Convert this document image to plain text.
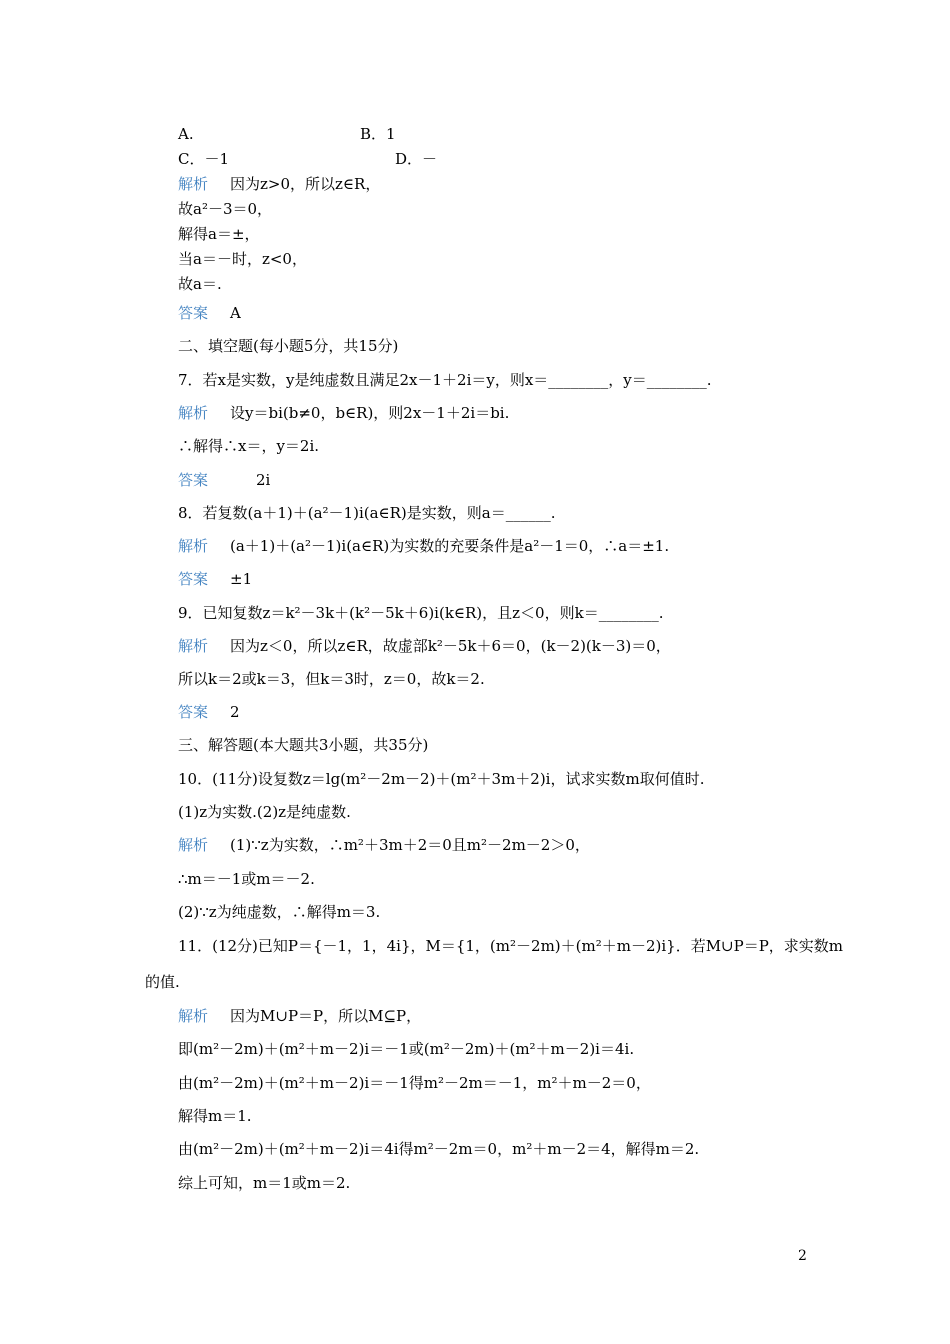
A.	B．1
C．－1	D．－
解析 因为z>0，所以z∈R，
故a²－3＝0，
解得a＝±，
当a＝－时，z<0，
故a＝.
答案 A
二、填空题(每小题5分，共15分)
7．若x是实数，y是纯虚数且满足2x－1＋2i＝y，则x＝________，y＝________.
解析 设y＝bi(b≠0，b∈R)，则2x－1＋2i＝bi.
∴解得∴x＝，y＝2i.
答案	2i
8．若复数(a＋1)＋(a²－1)i(a∈R)是实数，则a＝______.
解析 (a＋1)＋(a²－1)i(a∈R)为实数的充要条件是a²－1＝0，∴a＝±1.
答案 ±1
9．已知复数z＝k²－3k＋(k²－5k＋6)i(k∈R)，且z＜0，则k＝________.
解析 因为z＜0，所以z∈R，故虚部k²－5k＋6＝0，(k－2)(k－3)＝0，
所以k＝2或k＝3，但k＝3时，z＝0，故k＝2.
答案 2
三、解答题(本大题共3小题，共35分)
10．(11分)设复数z＝lg(m²－2m－2)＋(m²＋3m＋2)i，试求实数m取何值时.
(1)z为实数.(2)z是纯虚数.
解析 (1)∵z为实数，∴m²＋3m＋2＝0且m²－2m－2＞0，
∴m＝－1或m＝－2.
(2)∵z为纯虚数，∴解得m＝3.
11．(12分)已知P＝{－1，1，4i}，M＝{1，(m²－2m)＋(m²＋m－2)i}．若M∪P＝P，求实数m
的值.
解析 因为M∪P＝P，所以M⊆P，
即(m²－2m)＋(m²＋m－2)i＝－1或(m²－2m)＋(m²＋m－2)i＝4i.
由(m²－2m)＋(m²＋m－2)i＝－1得m²－2m＝－1，m²＋m－2＝0，
解得m＝1.
由(m²－2m)＋(m²＋m－2)i＝4i得m²－2m＝0，m²＋m－2＝4，解得m＝2.
综上可知，m＝1或m＝2.
2
